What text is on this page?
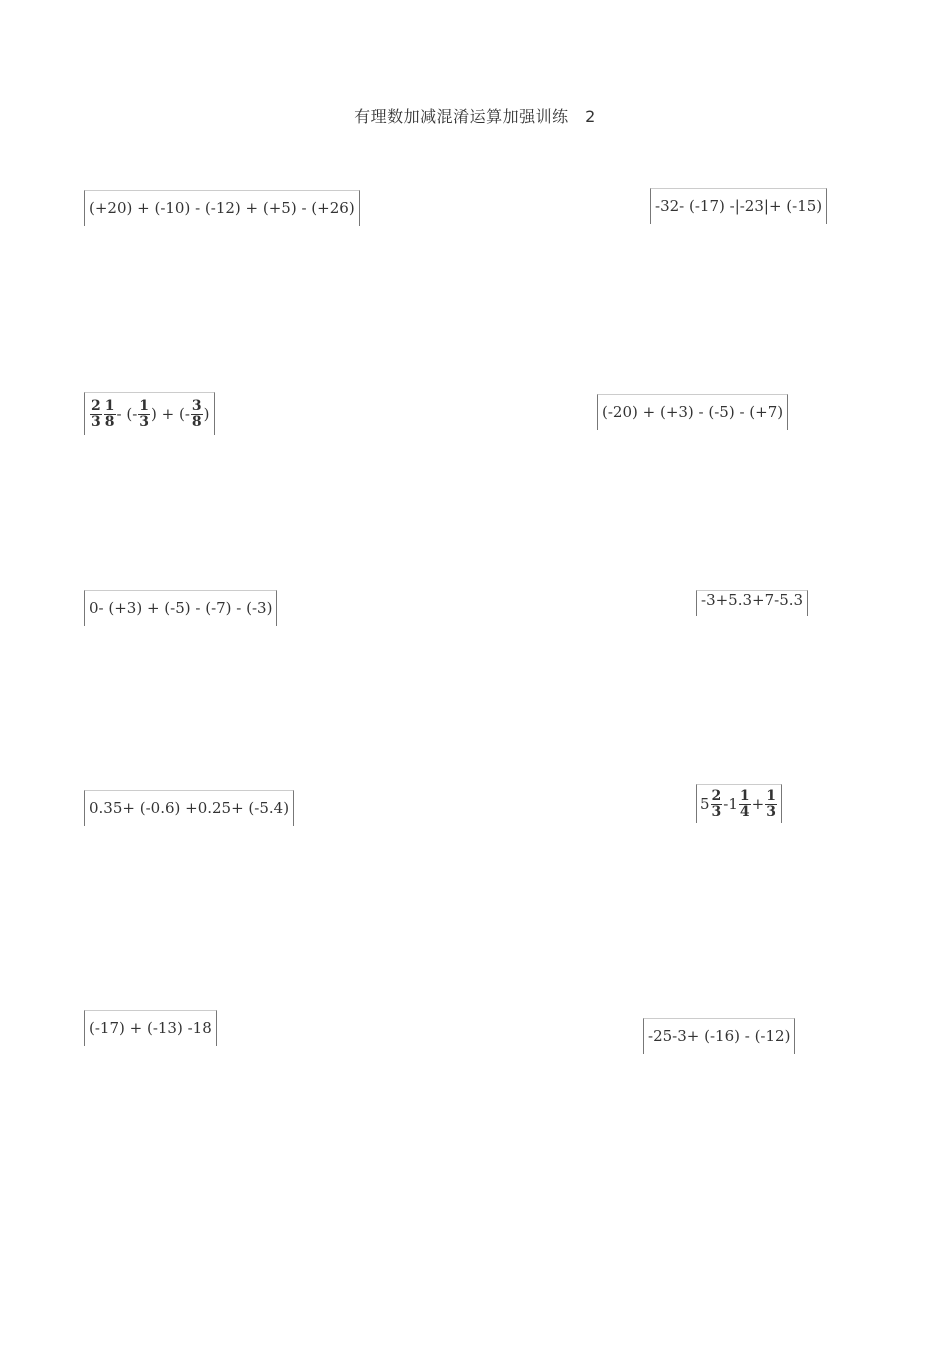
有理数加减混淆运算加强训练　2
(+20) + (-10) - (-12) + (+5) - (+26)	-32- (-17) -|-23|+ (-15)
$\frac{2}{3} \frac{1}{8}$ - (- $\frac{1}{3}$ ) + (- $\frac{3}{8}$ )	(-20) + (+3) - (-5) - (+7)
0- (+3) + (-5) - (-7) - (-3)	-3+5.3+7-5.3
0.35+ (-0.6) +0.25+ (-5.4)	$5 \frac{2}{3} -1 \frac{1}{4} + \frac{1}{3}$
(-17) + (-13) -18	-25-3+ (-16) - (-12)
